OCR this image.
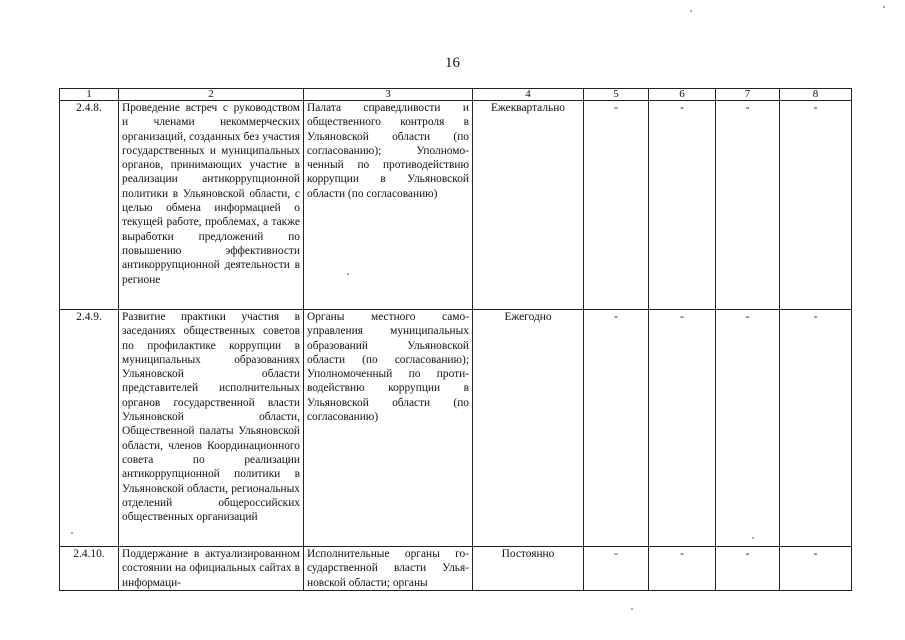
16
1	2	3	4	5	6	7	8
2.4.8.	Проведение встреч с руководством и членами некоммерческих организаций, созданных без участия государственных и муниципальных органов, принимающих участие в реализации антикоррупционной политики в Ульяновской области, с целью обмена информацией о текущей работе, проблемах, а также выработки предложений по повышению эффективности антикоррупционной деятельности в регионе	Палата справедливости и общественного контроля в Ульяновской области (по согласованию); Уполномоченный по противодействию коррупции в Ульяновской области (по согласованию)	Ежеквартально	-	-	-	-
2.4.9.	Развитие практики участия в заседаниях общественных советов по профилактике коррупции в муниципальных образованиях Ульяновской области представителей исполнительных органов государственной власти Ульяновской области, Общественной палаты Ульяновской области, членов Координационного совета по реализации антикоррупционной политики в Ульяновской области, региональных отделений общероссийских общественных организаций	Органы местного самоуправления муниципальных образований Ульяновской области (по согласованию); Уполномоченный по противодействию коррупции в Ульяновской области (по согласованию)	Ежегодно	-	-	-	-
2.4.10.	Поддержание в актуализированном состоянии на официальных сайтах в информаци-	Исполнительные органы государственной власти Ульяновской области; органы	Постоянно	-	-	-	-
